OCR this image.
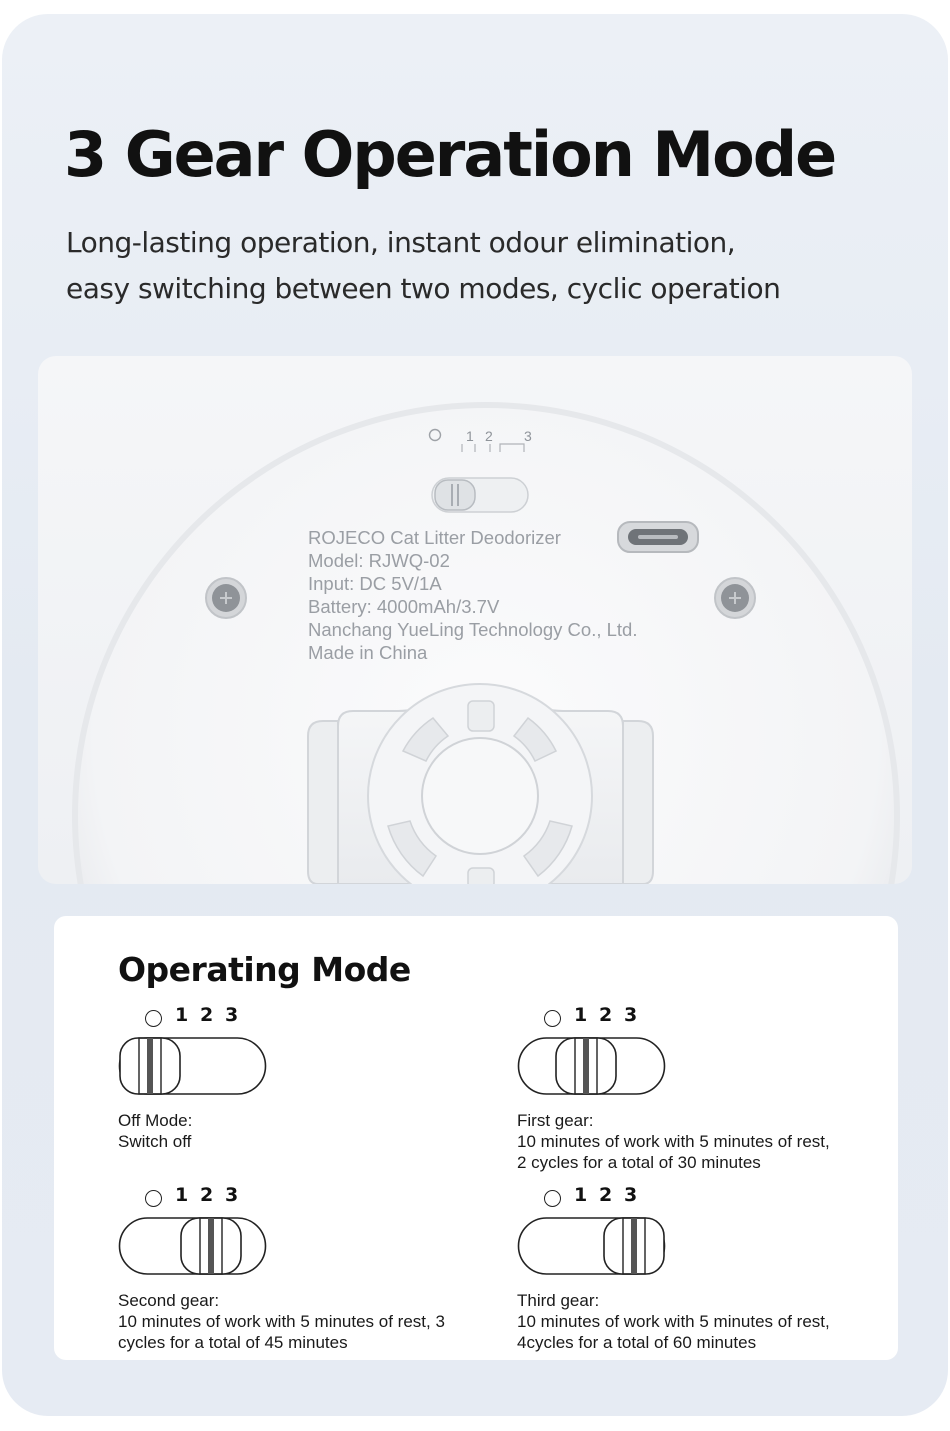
3 Gear Operation Mode

Long-lasting operation, instant odour elimination,

easy switching between two modes, cyclic operation

1 2 3
ROJECO Cat Litter Deodorizer
Model: RJWQ-02
Input: DC 5V/1A
Battery: 4000mAh/3.7V
Nanchang YueLing Technology Co., Ltd.
Made in China
Operating Mode
1 2 3
Off Mode:
Switch off
1 2 3
First gear:
10 minutes of work with 5 minutes of rest,
2 cycles for a total of 30 minutes
1 2 3
Second gear:
10 minutes of work with 5 minutes of rest, 3
cycles for a total of 45 minutes
1 2 3
Third gear:
10 minutes of work with 5 minutes of rest,
4cycles for a total of 60 minutes
